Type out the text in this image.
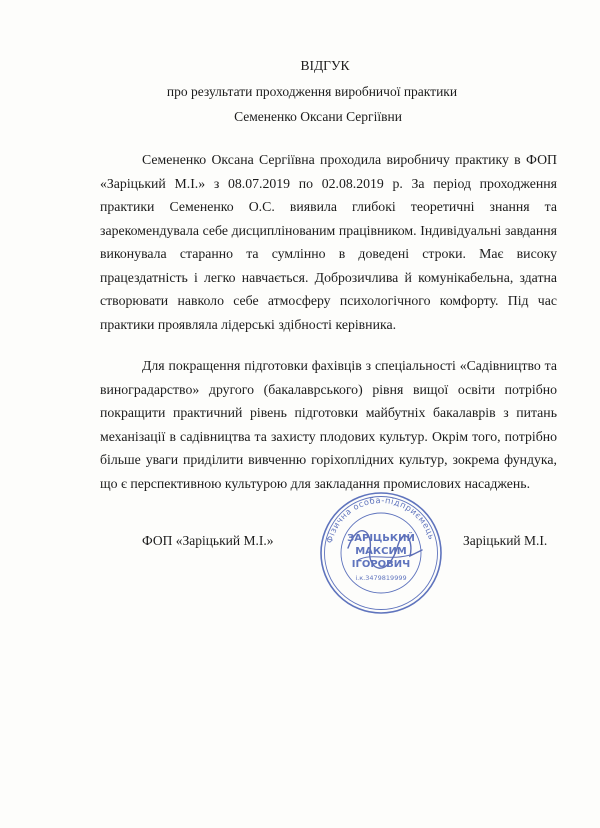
ВІДГУК

про результати проходження виробничої практики

Семененко Оксани Сергіївни

Семененко Оксана Сергіївна проходила виробничу практику в ФОП
«Заріцький М.І.» з 08.07.2019 по 02.08.2019 р. За період проходження
практики Семененко О.С. виявила глибокі теоретичні знання та
зарекомендувала себе дисциплінованим працівником. Індивідуальні завдання
виконувала старанно та сумлінно в доведені строки. Має високу
працездатність і легко навчається. Доброзичлива й комунікабельна, здатна
створювати навколо себе атмосферу психологічного комфорту. Під час
практики проявляла лідерські здібності керівника.
Для покращення підготовки фахівців з спеціальності «Садівництво та
виноградарство» другого (бакалаврського) рівня вищої освіти потрібно
покращити практичний рівень підготовки майбутніх бакалаврів з питань
механізації в садівництва та захисту плодових культур. Окрім того, потрібно
більше уваги приділити вивченню горіхоплідних культур, зокрема фундука,
що є перспективною культурою для закладання промислових насаджень.

ФОП «Заріцький М.І.»	Заріцький М.І.

Фізична особа-підприємець
ЗАРІЦЬКИЙ
МАКСИМ
ІГОРОВИЧ
і.к.3479819999
